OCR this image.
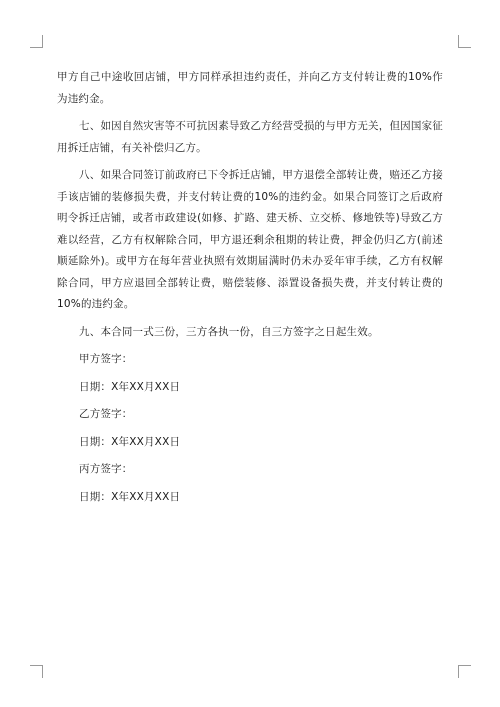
甲方自己中途收回店铺，甲方同样承担违约责任，并向乙方支付转让费的10%作为违约金。

七、如因自然灾害等不可抗因素导致乙方经营受损的与甲方无关，但因国家征用拆迁店铺，有关补偿归乙方。

八、如果合同签订前政府已下令拆迁店铺，甲方退偿全部转让费，赔还乙方接手该店铺的装修损失费，并支付转让费的10%的违约金。如果合同签订之后政府明令拆迁店铺，或者市政建设(如修、扩路、建天桥、立交桥、修地铁等)导致乙方难以经营，乙方有权解除合同，甲方退还剩余租期的转让费，押金仍归乙方(前述顺延除外)。或甲方在每年营业执照有效期届满时仍未办妥年审手续，乙方有权解除合同，甲方应退回全部转让费，赔偿装修、添置设备损失费，并支付转让费的10%的违约金。

九、本合同一式三份，三方各执一份，自三方签字之日起生效。

甲方签字：

日期：X年XX月XX日

乙方签字：

日期：X年XX月XX日

丙方签字：

日期：X年XX月XX日
